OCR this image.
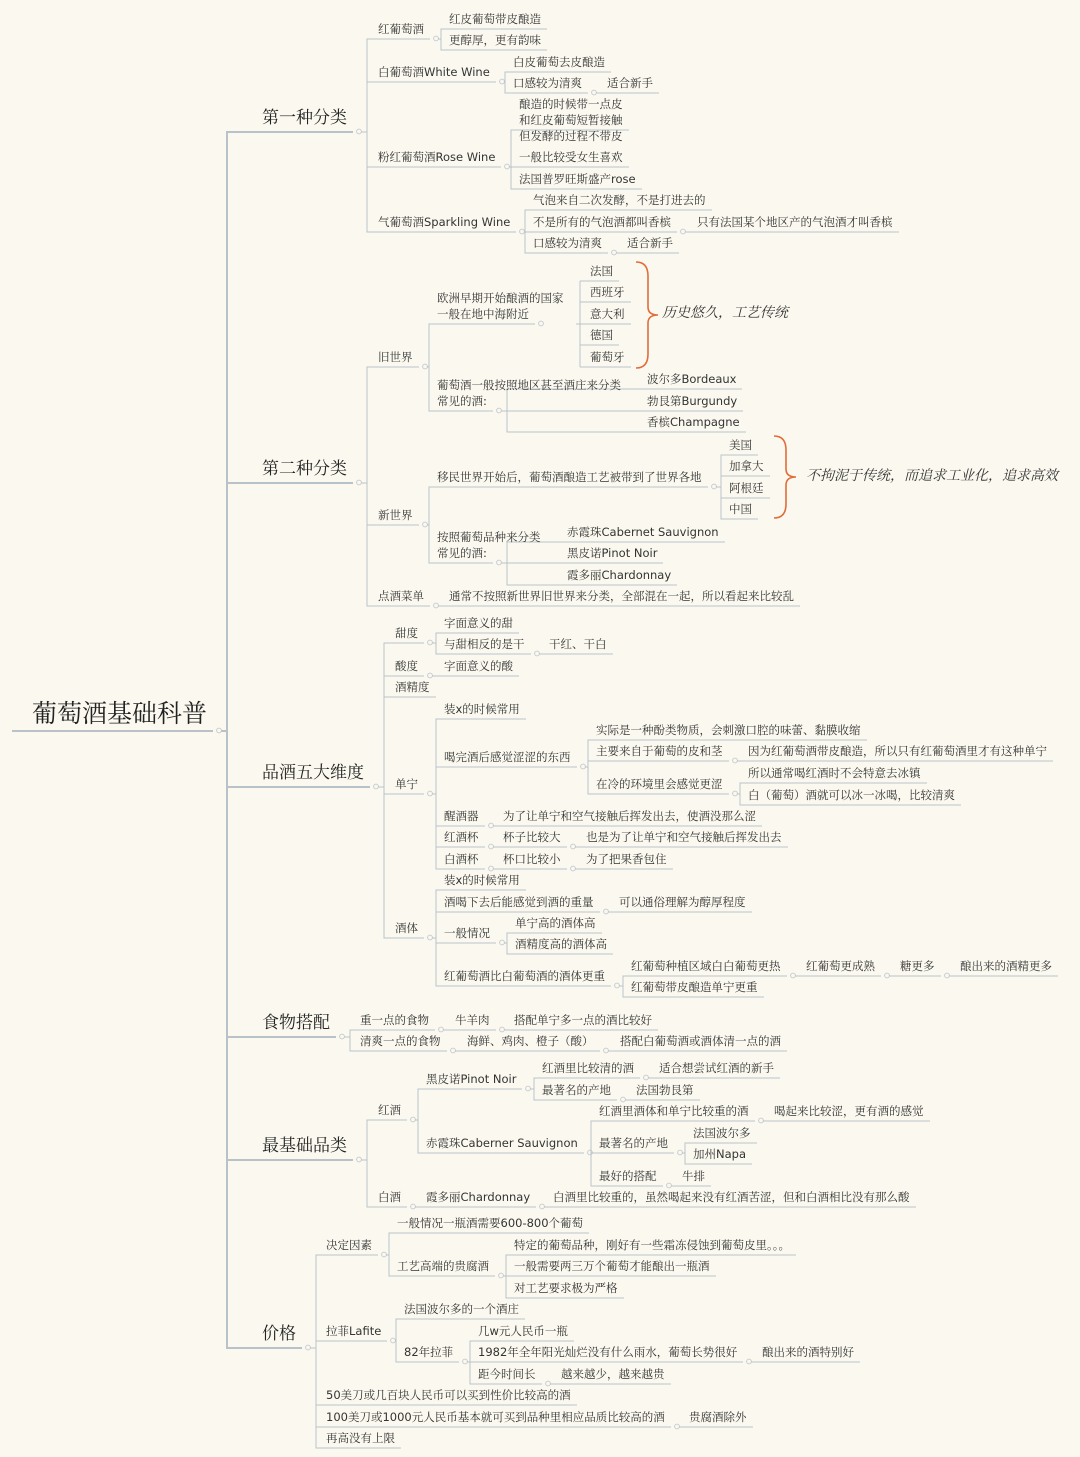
葡萄酒基础科普
第一种分类
红葡萄酒
红皮葡萄带皮酿造
更醇厚，更有韵味
白葡萄酒White Wine
白皮葡萄去皮酿造
口感较为清爽 适合新手
粉红葡萄酒Rose Wine
酿造的时候带一点皮
和红皮葡萄短暂接触
但发酵的过程不带皮
一般比较受女生喜欢
法国普罗旺斯盛产rose
气葡萄酒Sparkling Wine
气泡来自二次发酵，不是打进去的
不是所有的气泡酒都叫香槟 只有法国某个地区产的气泡酒才叫香槟
口感较为清爽 适合新手
第二种分类
旧世界
欧洲早期开始酿酒的国家
一般在地中海附近
法国
西班牙
意大利
德国
葡萄牙
历史悠久，工艺传统
葡萄酒一般按照地区甚至酒庄来分类
常见的酒:
波尔多Bordeaux
勃艮第Burgundy
香槟Champagne
新世界
移民世界开始后，葡萄酒酿造工艺被带到了世界各地
美国
加拿大
阿根廷
中国
不拘泥于传统，而追求工业化，追求高效
按照葡萄品种来分类
常见的酒:
赤霞珠Cabernet Sauvignon
黑皮诺Pinot Noir
霞多丽Chardonnay
点酒菜单 通常不按照新世界旧世界来分类，全部混在一起，所以看起来比较乱
品酒五大维度
甜度
字面意义的甜
与甜相反的是干 干红、干白
酸度 字面意义的酸
酒精度
单宁
装x的时候常用
喝完酒后感觉涩涩的东西
实际是一种酚类物质，会刺激口腔的味蕾、黏膜收缩
主要来自于葡萄的皮和茎 因为红葡萄酒带皮酿造，所以只有红葡萄酒里才有这种单宁
在冷的环境里会感觉更涩
所以通常喝红酒时不会特意去冰镇
白（葡萄）酒就可以冰一冰喝，比较清爽
醒酒器 为了让单宁和空气接触后挥发出去，使酒没那么涩
红酒杯 杯子比较大 也是为了让单宁和空气接触后挥发出去
白酒杯 杯口比较小 为了把果香包住
酒体
装x的时候常用
酒喝下去后能感觉到酒的重量 可以通俗理解为醇厚程度
一般情况
单宁高的酒体高
酒精度高的酒体高
红葡萄酒比白葡萄酒的酒体更重
红葡萄种植区域白白葡萄更热 红葡萄更成熟 糖更多 酿出来的酒精更多
红葡萄带皮酿造单宁更重
食物搭配	重一点的食物 牛羊肉 搭配单宁多一点的酒比较好
清爽一点的食物 海鲜、鸡肉、橙子（酸） 搭配白葡萄酒或酒体清一点的酒
最基础品类
红酒
黑皮诺Pinot Noir
红酒里比较清的酒 适合想尝试红酒的新手
最著名的产地 法国勃艮第
赤霞珠Caberner Sauvignon
红酒里酒体和单宁比较重的酒 喝起来比较涩，更有酒的感觉
最著名的产地
法国波尔多
加州Napa
最好的搭配 牛排
白酒 霞多丽Chardonnay 白酒里比较重的，虽然喝起来没有红酒苦涩，但和白酒相比没有那么酸
价格
决定因素
一般情况一瓶酒需要600-800个葡萄
工艺高端的贵腐酒
特定的葡萄品种，刚好有一些霜冻侵蚀到葡萄皮里。。。
一般需要两三万个葡萄才能酿出一瓶酒
对工艺要求极为严格
拉菲Lafite
法国波尔多的一个酒庄
82年拉菲
几w元人民币一瓶
1982年全年阳光灿烂没有什么雨水，葡萄长势很好 酿出来的酒特别好
距今时间长 越来越少，越来越贵
50美刀或几百块人民币可以买到性价比较高的酒
100美刀或1000元人民币基本就可买到品种里相应品质比较高的酒 贵腐酒除外
再高没有上限
